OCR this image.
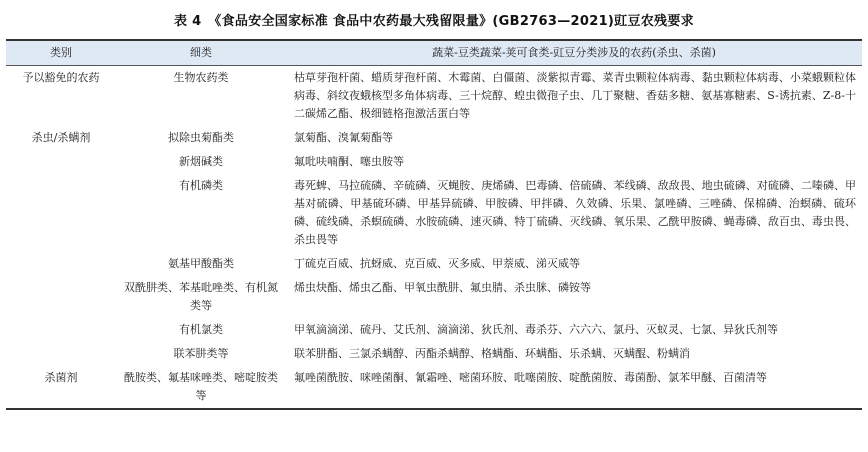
表 4　《食品安全国家标准 食品中农药最大残留限量》(GB2763—2021)豇豆农残要求
类别	细类	蔬菜-豆类蔬菜-荚可食类-豇豆分类涉及的农药(杀虫、杀菌)
予以豁免的农药	生物农药类	枯草芽孢杆菌、蜡质芽孢杆菌、木霉菌、白僵菌、淡紫拟青霉、菜青虫颗粒体病毒、黏虫颗粒体病毒、小菜蛾颗粒体病毒、斜纹夜蛾核型多角体病毒、三十烷醇、蝗虫微孢子虫、几丁聚糖、香菇多糖、氨基寡糖素、S-诱抗素、Z-8-十二碳烯乙酯、极细链格孢激活蛋白等
杀虫/杀螨剂	拟除虫菊酯类	氯菊酯、溴氰菊酯等
	新烟碱类	氟吡呋喃酮、噻虫胺等
	有机磷类	毒死蜱、马拉硫磷、辛硫磷、灭蝇胺、庚烯磷、巴毒磷、倍硫磷、苯线磷、敌敌畏、地虫硫磷、对硫磷、二嗪磷、甲基对硫磷、甲基硫环磷、甲基异硫磷、甲胺磷、甲拌磷、久效磷、乐果、氯唑磷、三唑磷、保棉磷、治螟磷、硫环磷、硫线磷、杀螟硫磷、水胺硫磷、速灭磷、特丁硫磷、灭线磷、氧乐果、乙酰甲胺磷、蝇毒磷、敌百虫、毒虫畏、杀虫畏等
	氨基甲酸酯类	丁硫克百威、抗蚜威、克百威、灭多威、甲萘威、涕灭威等
	双酰肼类、苯基吡唑类、有机氮类等	烯虫炔酯、烯虫乙酯、甲氧虫酰肼、氟虫腈、杀虫脒、磷铵等
	有机氯类	甲氧滴滴涕、硫丹、艾氏剂、滴滴涕、狄氏剂、毒杀芬、六六六、氯丹、灭蚁灵、七氯、异狄氏剂等
	联苯肼类等	联苯肼酯、三氯杀螨醇、丙酯杀螨醇、格螨酯、环螨酯、乐杀螨、灭螨醌、粉螨消
杀菌剂	酰胺类、氟基咪唑类、嘧啶胺类等	氟唑菌酰胺、咪唑菌酮、氰霜唑、嘧菌环胺、吡噻菌胺、啶酰菌胺、毒菌酚、氯苯甲醚、百菌清等
